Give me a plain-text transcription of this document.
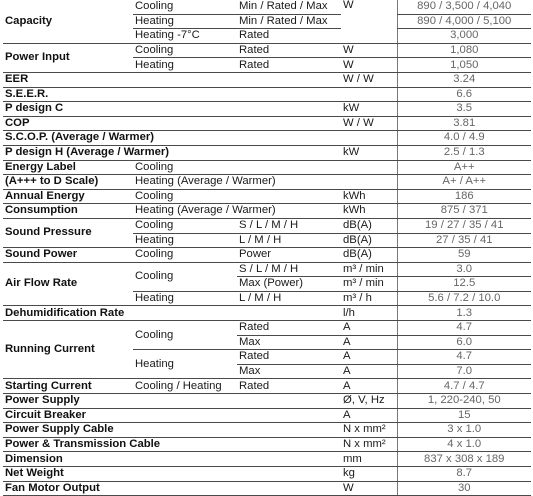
Capacity	Cooling	Min / Rated / Max	W	890 / 3,500 / 4,040
	Heating	Min / Rated / Max		890 / 4,000 / 5,100
	Heating -7°C	Rated		3,000
Power Input	Cooling	Rated	W	1,080
	Heating	Rated	W	1,050
EER			W / W	3.24
S.E.E.R.				6.6
P design C			kW	3.5
COP			W / W	3.81
S.C.O.P. (Average / Warmer)				4.0 / 4.9
P design H (Average / Warmer)			kW	2.5 / 1.3
Energy Label	Cooling			A++
(A+++ to D Scale)	Heating (Average / Warmer)			A+ / A++
Annual Energy	Cooling		kWh	186
Consumption	Heating (Average / Warmer)		kWh	875 / 371
Sound Pressure	Cooling	S / L / M / H	dB(A)	19 / 27 / 35 / 41
	Heating	L / M / H	dB(A)	27 / 35 / 41
Sound Power	Cooling	Power	dB(A)	59
Air Flow Rate	Cooling	S / L / M / H	m³ / min	3.0
		Max (Power)	m³ / min	12.5
	Heating	L / M / H	m³ / h	5.6 / 7.2 / 10.0
Dehumidification Rate			l/h	1.3
Running Current	Cooling	Rated	A	4.7
		Max	A	6.0
	Heating	Rated	A	4.7
		Max	A	7.0
Starting Current	Cooling / Heating	Rated	A	4.7 / 4.7
Power Supply			Ø, V, Hz	1, 220-240, 50
Circuit Breaker			A	15
Power Supply Cable			N x mm²	3 x 1.0
Power & Transmission Cable			N x mm²	4 x 1.0
Dimension			mm	837 x 308 x 189
Net Weight			kg	8.7
Fan Motor Output			W	30
